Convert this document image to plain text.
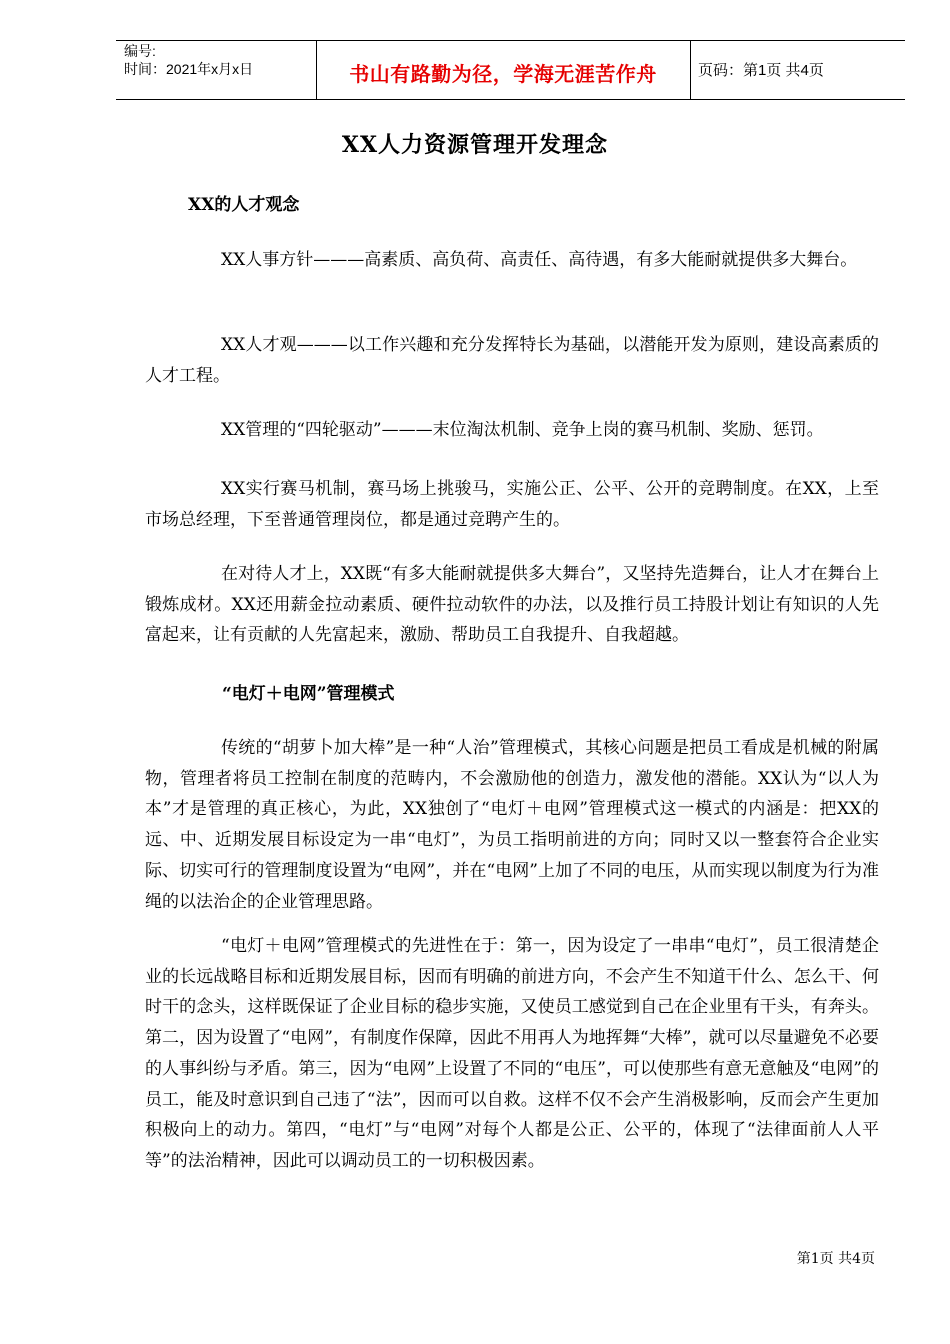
编号:
时间：2021年x月x日	书山有路勤为径，学海无涯苦作舟	页码：第1页 共4页
XX人力资源管理开发理念
XX的人才观念

XX人事方针———高素质、高负荷、高责任、高待遇，有多大能耐就提供多大舞台。

XX人才观———以工作兴趣和充分发挥特长为基础，以潜能开发为原则，建设高素质的人才工程。

XX管理的“四轮驱动”———末位淘汰机制、竞争上岗的赛马机制、奖励、惩罚。

XX实行赛马机制，赛马场上挑骏马，实施公正、公平、公开的竞聘制度。在XX，上至市场总经理，下至普通管理岗位，都是通过竞聘产生的。

在对待人才上，XX既“有多大能耐就提供多大舞台”，又坚持先造舞台，让人才在舞台上锻炼成材。XX还用薪金拉动素质、硬件拉动软件的办法，以及推行员工持股计划让有知识的人先富起来，让有贡献的人先富起来，激励、帮助员工自我提升、自我超越。

“电灯＋电网”管理模式

传统的“胡萝卜加大棒”是一种“人治”管理模式，其核心问题是把员工看成是机械的附属物，管理者将员工控制在制度的范畴内，不会激励他的创造力，激发他的潜能。XX认为“以人为本”才是管理的真正核心，为此，XX独创了“电灯＋电网”管理模式这一模式的内涵是：把XX的远、中、近期发展目标设定为一串“电灯”，为员工指明前进的方向；同时又以一整套符合企业实际、切实可行的管理制度设置为“电网”，并在“电网”上加了不同的电压，从而实现以制度为行为准绳的以法治企的企业管理思路。

“电灯＋电网”管理模式的先进性在于：第一，因为设定了一串串“电灯”，员工很清楚企业的长远战略目标和近期发展目标，因而有明确的前进方向，不会产生不知道干什么、怎么干、何时干的念头，这样既保证了企业目标的稳步实施，又使员工感觉到自己在企业里有干头，有奔头。第二，因为设置了“电网”，有制度作保障，因此不用再人为地挥舞“大棒”，就可以尽量避免不必要的人事纠纷与矛盾。第三，因为“电网”上设置了不同的“电压”，可以使那些有意无意触及“电网”的员工，能及时意识到自己违了“法”，因而可以自救。这样不仅不会产生消极影响，反而会产生更加积极向上的动力。第四，“电灯”与“电网”对每个人都是公正、公平的，体现了“法律面前人人平等”的法治精神，因此可以调动员工的一切积极因素。

第1页 共4页
